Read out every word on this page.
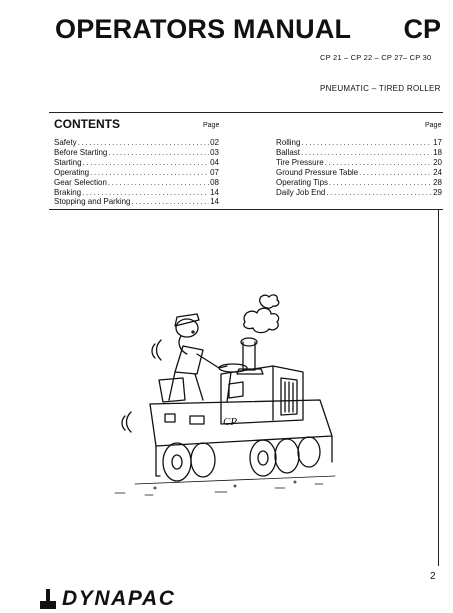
OPERATORS MANUAL CP
CP 21 – CP 22 – CP 27– CP 30
PNEUMATIC – TIRED ROLLER
CONTENTS	Page	Page
Safety .....	02
Before Starting .....	03
Starting .....	04
Operating .....	07
Gear Selection .....	08
Braking .....	14
Stopping and Parking .....	14
Rolling .....	17
Ballast .....	18
Tire Pressure .....	20
Ground Pressure Table .....	24
Operating Tips .....	28
Daily Job End .....	29
CP
2
DYNAPAC
